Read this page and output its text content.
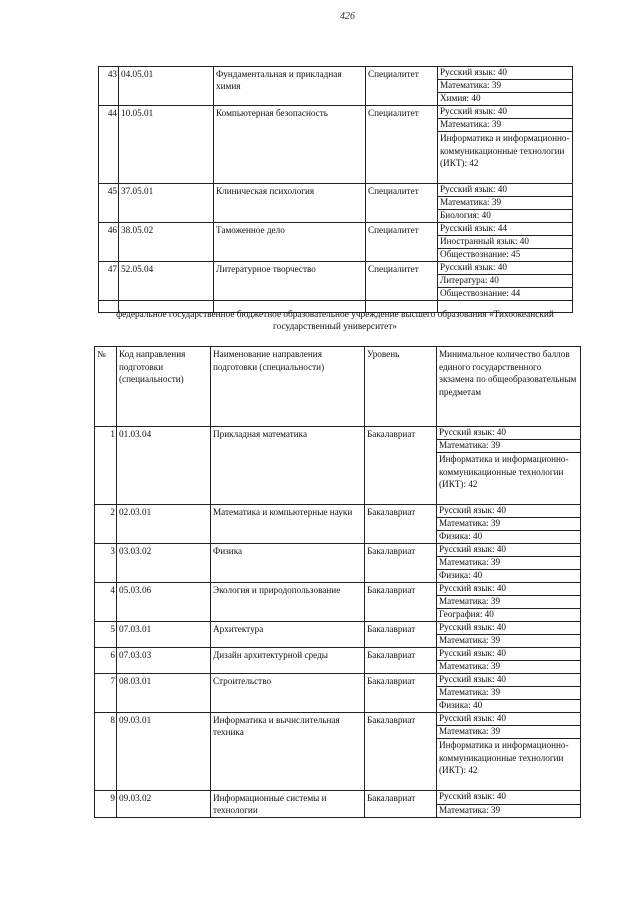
426
43	04.05.01	Фундаментальная и прикладная химия	Специалитет	Русский язык: 40
				Математика: 39
				Химия: 40
44	10.05.01	Компьютерная безопасность	Специалитет	Русский язык: 40
				Математика: 39
				Информатика и информационно-коммуникационные технологии (ИКТ): 42
45	37.05.01	Клиническая психология	Специалитет	Русский язык: 40
				Математика: 39
				Биология: 40
46	38.05.02	Таможенное дело	Специалитет	Русский язык: 44
				Иностранный язык: 40
				Обществознание: 45
47	52.05.04	Литературное творчество	Специалитет	Русский язык: 40
				Литература: 40
				Обществознание: 44

федеральное государственное бюджетное образовательное учреждение высшего образования «Тихоокеанский государственный университет»
№	Код направления подготовки (специальности)	Наименование направления подготовки (специальности)	Уровень	Минимальное количество баллов единого государственного экзамена по общеобразовательным предметам
1	01.03.04	Прикладная математика	Бакалавриат	Русский язык: 40
				Математика: 39
				Информатика и информационно-коммуникационные технологии (ИКТ): 42
2	02.03.01	Математика и компьютерные науки	Бакалавриат	Русский язык: 40
				Математика: 39
				Физика: 40
3	03.03.02	Физика	Бакалавриат	Русский язык: 40
				Математика: 39
				Физика: 40
4	05.03.06	Экология и природопользование	Бакалавриат	Русский язык: 40
				Математика: 39
				География: 40
5	07.03.01	Архитектура	Бакалавриат	Русский язык: 40
				Математика: 39
6	07.03.03	Дизайн архитектурной среды	Бакалавриат	Русский язык: 40
				Математика: 39
7	08.03.01	Строительство	Бакалавриат	Русский язык: 40
				Математика: 39
				Физика: 40
8	09.03.01	Информатика и вычислительная техника	Бакалавриат	Русский язык: 40
				Математика: 39
				Информатика и информационно-коммуникационные технологии (ИКТ): 42
9	09.03.02	Информационные системы и технологии	Бакалавриат	Русский язык: 40
				Математика: 39
